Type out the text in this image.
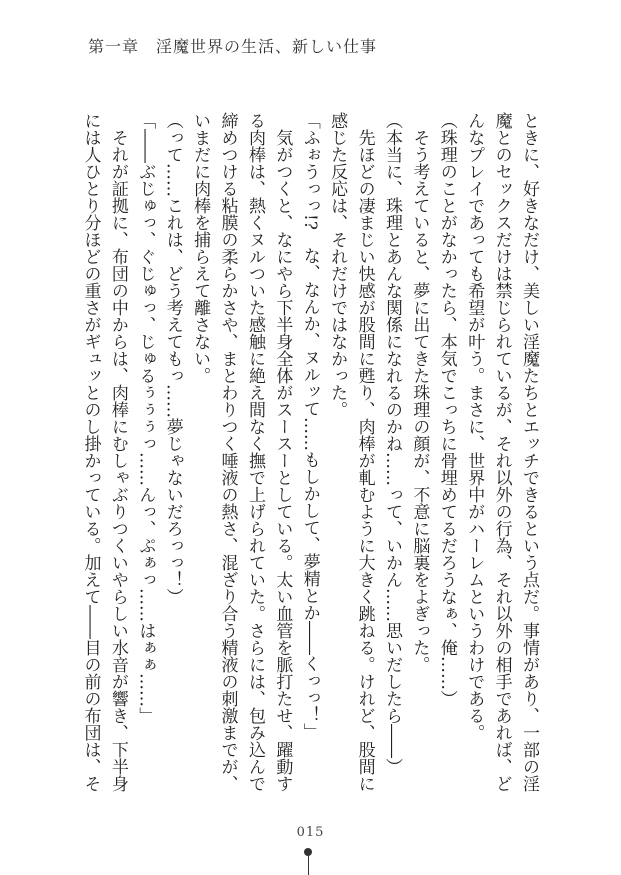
第一章　淫魔世界の生活、新しい仕事
ときに、好きなだけ、美しい淫魔たちとエッチできるという点だ。事情があり、一部の淫
魔とのセックスだけは禁じられているが、それ以外の行為、それ以外の相手であれば、ど
んなプレイであっても希望が叶う。まさに、世界中がハーレムというわけである。
（珠理のことがなかったら、本気でこっちに骨埋めてるだろうなぁ、俺……）
そう考えていると、夢に出てきた珠理の顔が、不意に脳裏をよぎった。
（本当に、珠理とあんな関係になれるのかね……って、いかん……思いだしたら――）
先ほどの凄まじい快感が股間に甦り、肉棒が軋むように大きく跳ねる。けれど、股間に
感じた反応は、それだけではなかった。
「ふぉうっっ!?　な、なんか、ヌルッて……もしかして、夢精とか――くっっ！」
気がつくと、なにやら下半身全体がスースーとしている。太い血管を脈打たせ、躍動す
る肉棒は、熱くヌルついた感触に絶え間なく撫で上げられていた。さらには、包み込んで
締めつける粘膜の柔らかさや、まとわりつく唾液の熱さ、混ざり合う精液の刺激までが、
いまだに肉棒を捕らえて離さない。
（って……これは、どう考えてもっ……夢じゃないだろっっ！）
「――ぶじゅっ、ぐじゅっ、じゅるぅぅぅっ……んっ、ぷぁっ……はぁぁ……」
それが証拠に、布団の中からは、肉棒にむしゃぶりつくいやらしい水音が響き、下半身
には人ひとり分ほどの重さがギュッとのし掛かっている。加えて――目の前の布団は、そ
015
